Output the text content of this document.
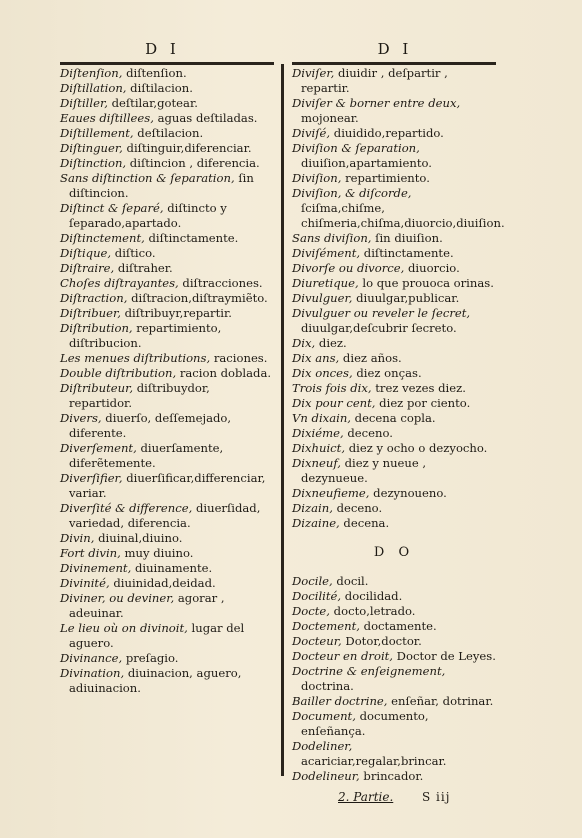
D I	D I

Diſtenſion, diſtenſion.

Diſtillation, diſtilacion.

Diſtiller, deſtilar,gotear.

Eaues diſtillees, aguas deſtiladas.

Diſtillement, deſtilacion.

Diſtinguer, diſtinguir,diferenciar.

Diſtinction, diſtincion , diferencia.

Sans diſtinction & ſeparation, ſin diſtincion.

Diſtinct & ſeparé, diſtincto y ſeparado,apartado.

Diſtinctement, diſtinctamente.

Diſtique, diſtico.

Diſtraire, diſtraher.

Choſes diſtrayantes, diſtracciones.

Diſtraction, diſtracion,diſtraymiẽto.

Diſtribuer, diſtribuyr,repartir.

Diſtribution, repartimiento, diſtribucion.

Les menues diſtributions, raciones.

Double diſtribution, racion doblada.

Diſtributeur, diſtribuydor, repartidor.

Divers, diuerſo, deſſemejado, diferente.

Diverſement, diuerſamente, diferẽtemente.

Diverſifier, diuerſificar,differenciar, variar.

Diverſité & difference, diuerſidad, variedad, diferencia.

Divin, diuinal,diuino.

Fort divin, muy diuino.

Divinement, diuinamente.

Divinité, diuinidad,deidad.

Diviner, ou deviner, agorar , adeuinar.

Le lieu où on divinoit, lugar del aguero.

Divinance, preſagio.

Divination, diuinacion, aguero, adiuinacion.

Diviſer, diuidir , deſpartir , repartir.

Diviſer & borner entre deux, mojonear.

Diviſé, diuidido,repartido.

Diviſion & ſeparation, diuiſion,apartamiento.

Diviſion, repartimiento.

Diviſion, & diſcorde, ſciſma,chiſme, chiſmeria,chiſma,diuorcio,diuiſion.

Sans diviſion, ſin diuiſion.

Diviſément, diſtinctamente.

Divorſe ou divorce, diuorcio.

Diuretique, lo que prouoca orinas.

Divulguer, diuulgar,publicar.

Divulguer ou reveler le ſecret, diuulgar,deſcubrir ſecreto.

Dix, diez.

Dix ans, diez años.

Dix onces, diez onças.

Trois fois dix, trez vezes diez.

Dix pour cent, diez por ciento.

Vn dixain, decena copla.

Dixiéme, deceno.

Dixhuict, diez y ocho o dezyocho.

Dixneuf, diez y nueue , dezynueue.

Dixneufieme, dezynoueno.

Dizain, deceno.

Dizaine, decena.

D O

Docile, docil.

Docilité, docilidad.

Docte, docto,letrado.

Doctement, doctamente.

Docteur, Dotor,doctor.

Docteur en droit, Doctor de Leyes.

Doctrine & enſeignement, doctrina.

Bailler doctrine, enſeñar, dotrinar.

Document, documento, enſeñança.

Dodeliner, acariciar,regalar,brincar.

Dodelineur, brincador.

2. Partie. S iij
